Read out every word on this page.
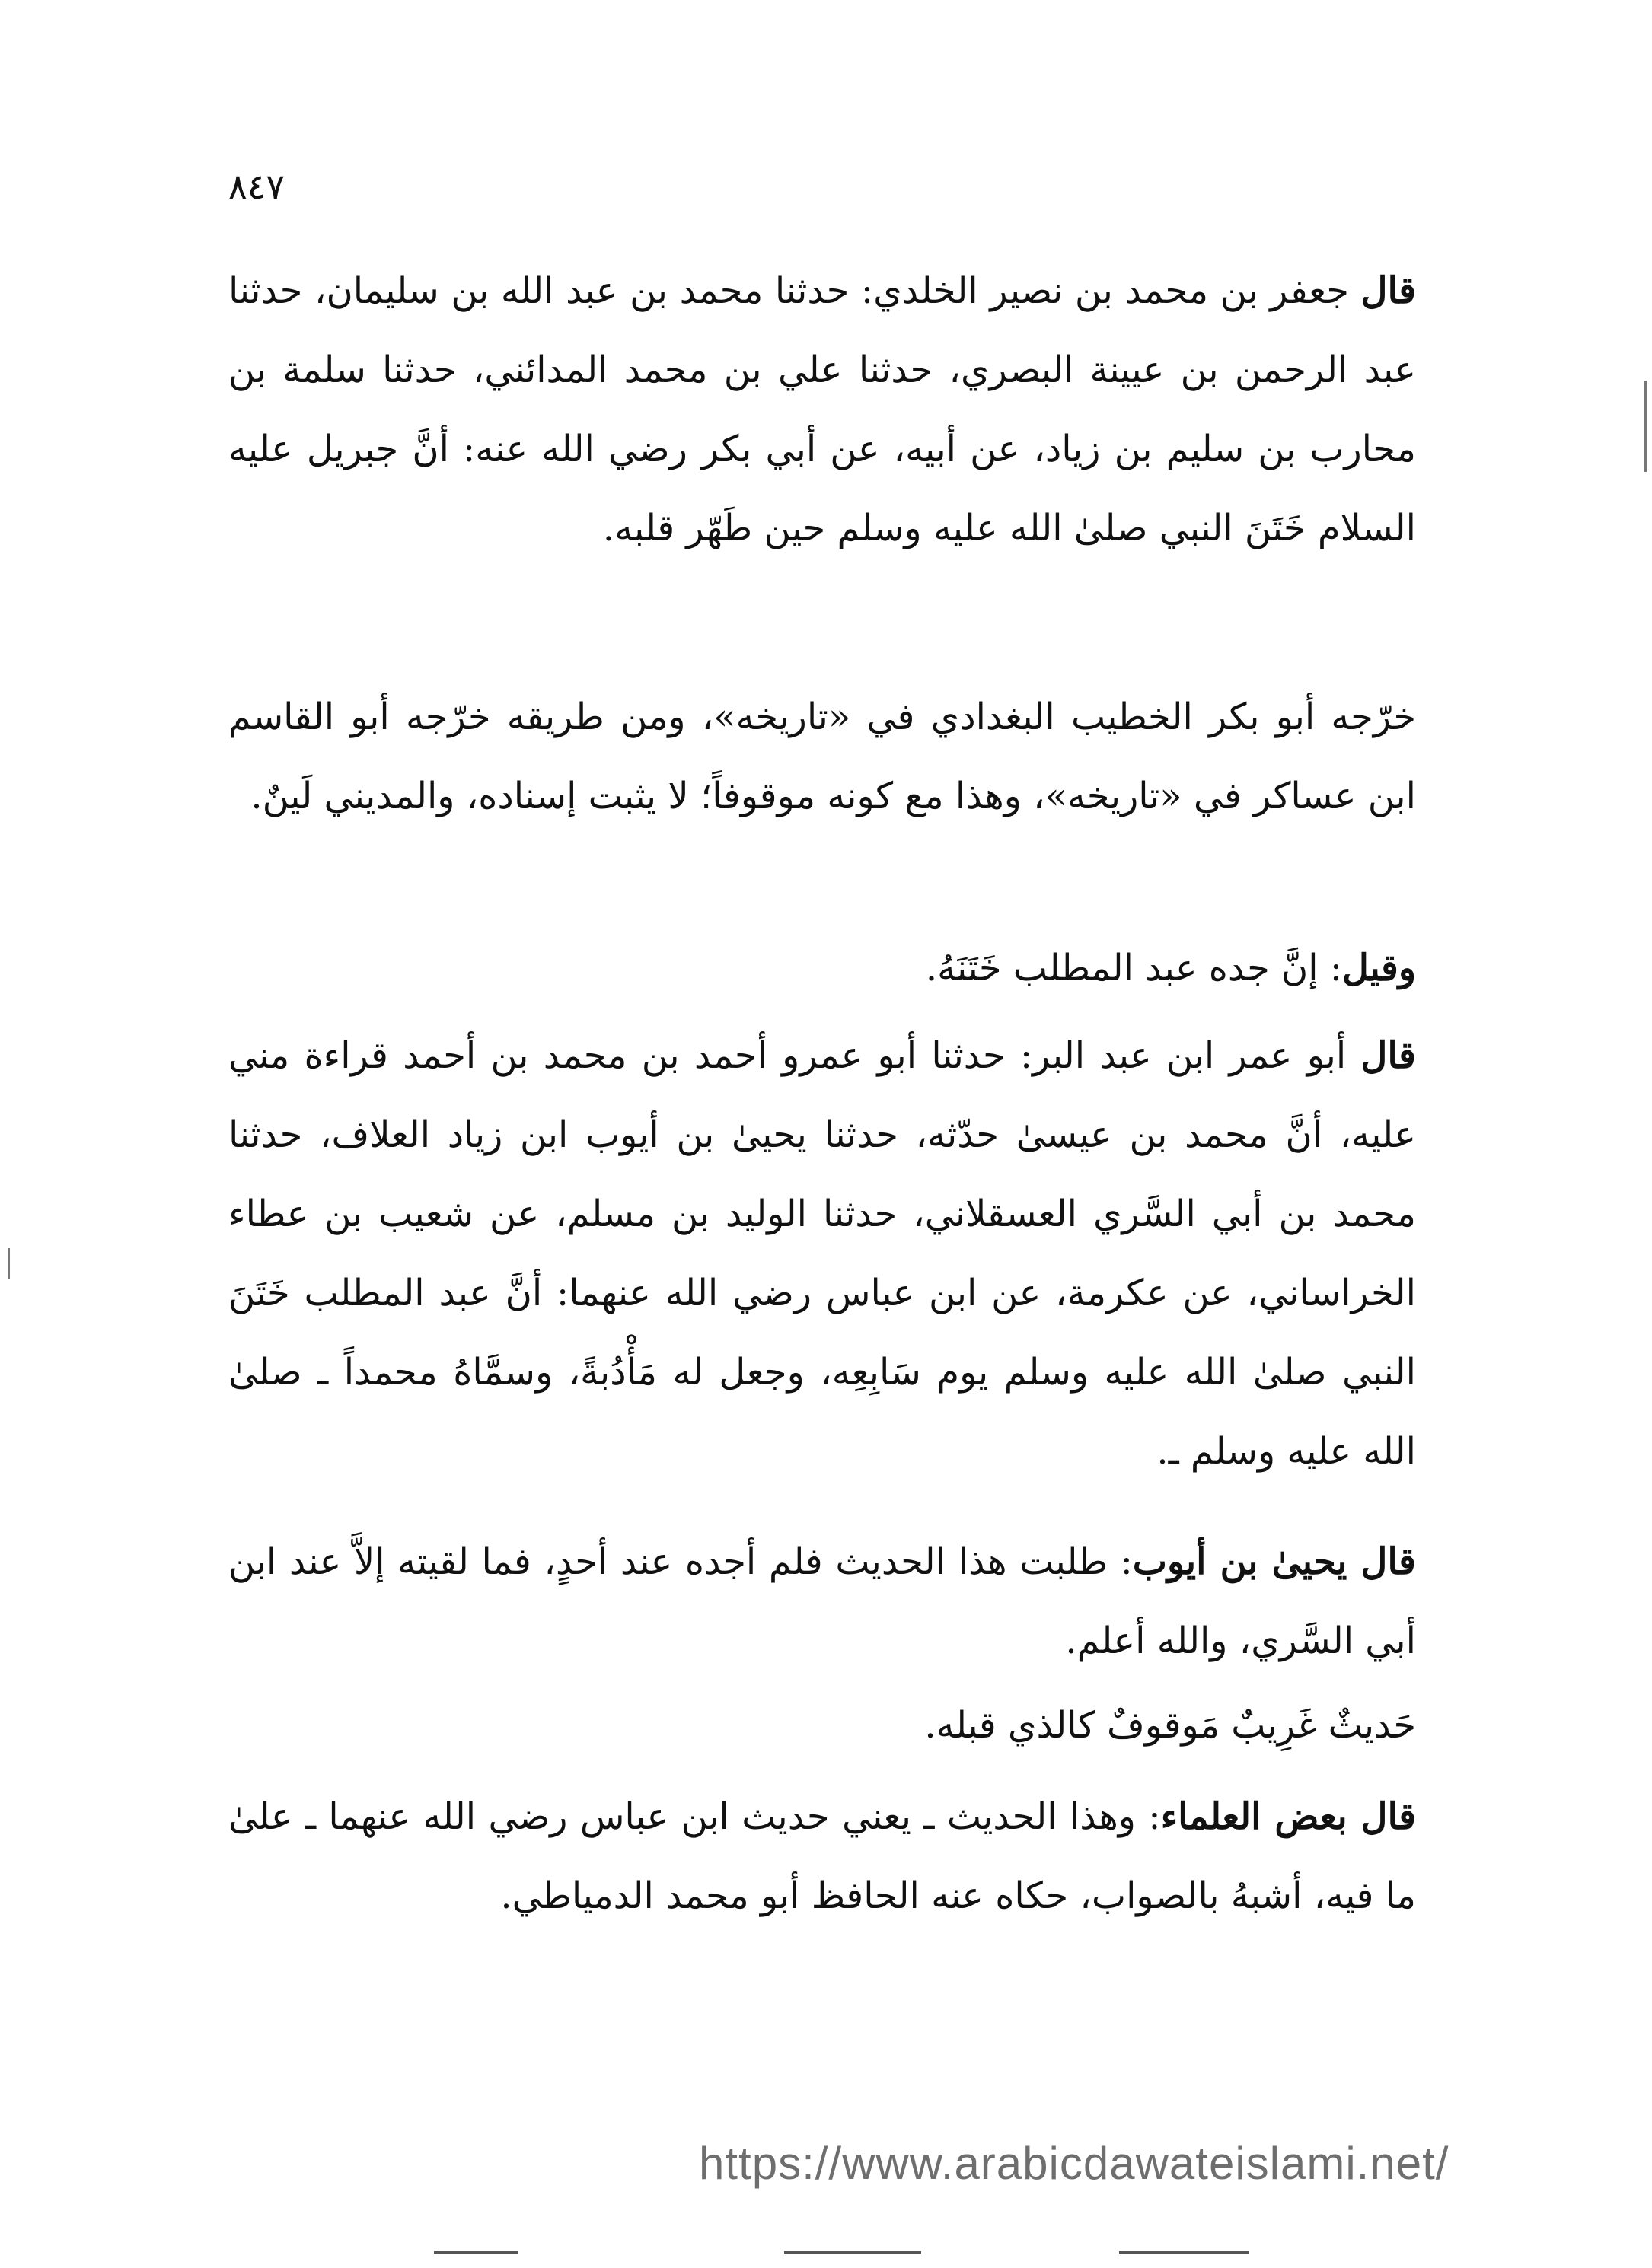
٨٤٧

قال جعفر بن محمد بن نصير الخلدي: حدثنا محمد بن عبد الله بن سليمان، حدثنا عبد الرحمن بن عيينة البصري، حدثنا علي بن محمد المدائني، حدثنا سلمة بن محارب بن سليم بن زياد، عن أبيه، عن أبي بكر رضي الله عنه: أنَّ جبريل عليه السلام خَتَنَ النبي صلىٰ الله عليه وسلم حين طَهّر قلبه.

خرّجه أبو بكر الخطيب البغدادي في «تاريخه»، ومن طريقه خرّجه أبو القاسم ابن عساكر في «تاريخه»، وهذا مع كونه موقوفاً؛ لا يثبت إسناده، والمديني لَينٌ.

وقيل: إنَّ جده عبد المطلب خَتَنَهُ.

قال أبو عمر ابن عبد البر: حدثنا أبو عمرو أحمد بن محمد بن أحمد قراءة مني عليه، أنَّ محمد بن عيسىٰ حدّثه، حدثنا يحيىٰ بن أيوب ابن زياد العلاف، حدثنا محمد بن أبي السَّري العسقلاني، حدثنا الوليد بن مسلم، عن شعيب بن عطاء الخراساني، عن عكرمة، عن ابن عباس رضي الله عنهما: أنَّ عبد المطلب خَتَنَ النبي صلىٰ الله عليه وسلم يوم سَابِعِه، وجعل له مَأْدُبةً، وسمَّاهُ محمداً ـ صلىٰ الله عليه وسلم ـ.

قال يحيىٰ بن أيوب: طلبت هذا الحديث فلم أجده عند أحدٍ، فما لقيته إلاَّ عند ابن أبي السَّري، والله أعلم.

حَديثٌ غَرِيبٌ مَوقوفٌ كالذي قبله.

قال بعض العلماء: وهذا الحديث ـ يعني حديث ابن عباس رضي الله عنهما ـ علىٰ ما فيه، أشبهُ بالصواب، حكاه عنه الحافظ أبو محمد الدمياطي.

https://www.arabicdawateislami.net/
